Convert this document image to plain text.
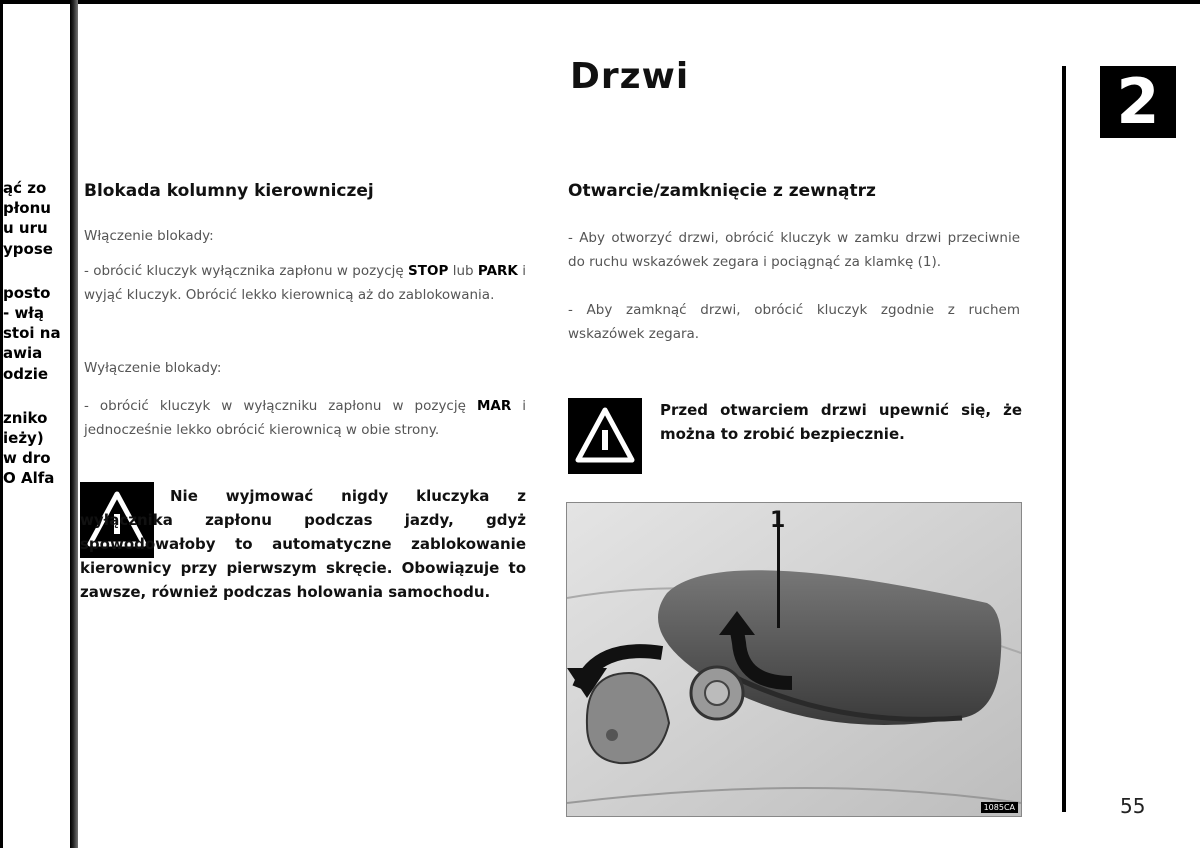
ąć zo
płonu
u uru
ypose
posto
- włą
stoi na
awia
odzie
zniko
ieży)
w dro
O Alfa
Drzwi	2
Blokada kolumny kierowniczej
Włączenie blokady:
- obrócić kluczyk wyłącznika zapłonu w pozycję STOP lub PARK i wyjąć kluczyk. Obrócić lekko kierownicą aż do zablokowania.
Wyłączenie blokady:
- obrócić kluczyk w wyłączniku zapłonu w pozycję MAR i jednocześnie lekko obrócić kierownicą w obie strony.
Nie wyjmować nigdy kluczyka z wyłącznika zapłonu podczas jazdy, gdyż spowodowałoby to automatyczne zablokowanie kierownicy przy pierwszym skręcie. Obowiązuje to zawsze, również podczas holowania samochodu.
Otwarcie/zamknięcie z zewnątrz
- Aby otworzyć drzwi, obrócić kluczyk w zamku drzwi przeciwnie do ruchu wskazówek zegara i pociągnąć za klamkę (1).
- Aby zamknąć drzwi, obrócić kluczyk zgodnie z ruchem wskazówek zegara.
Przed otwarciem drzwi upewnić się, że można to zrobić bezpiecznie.
1
1085CA	55
